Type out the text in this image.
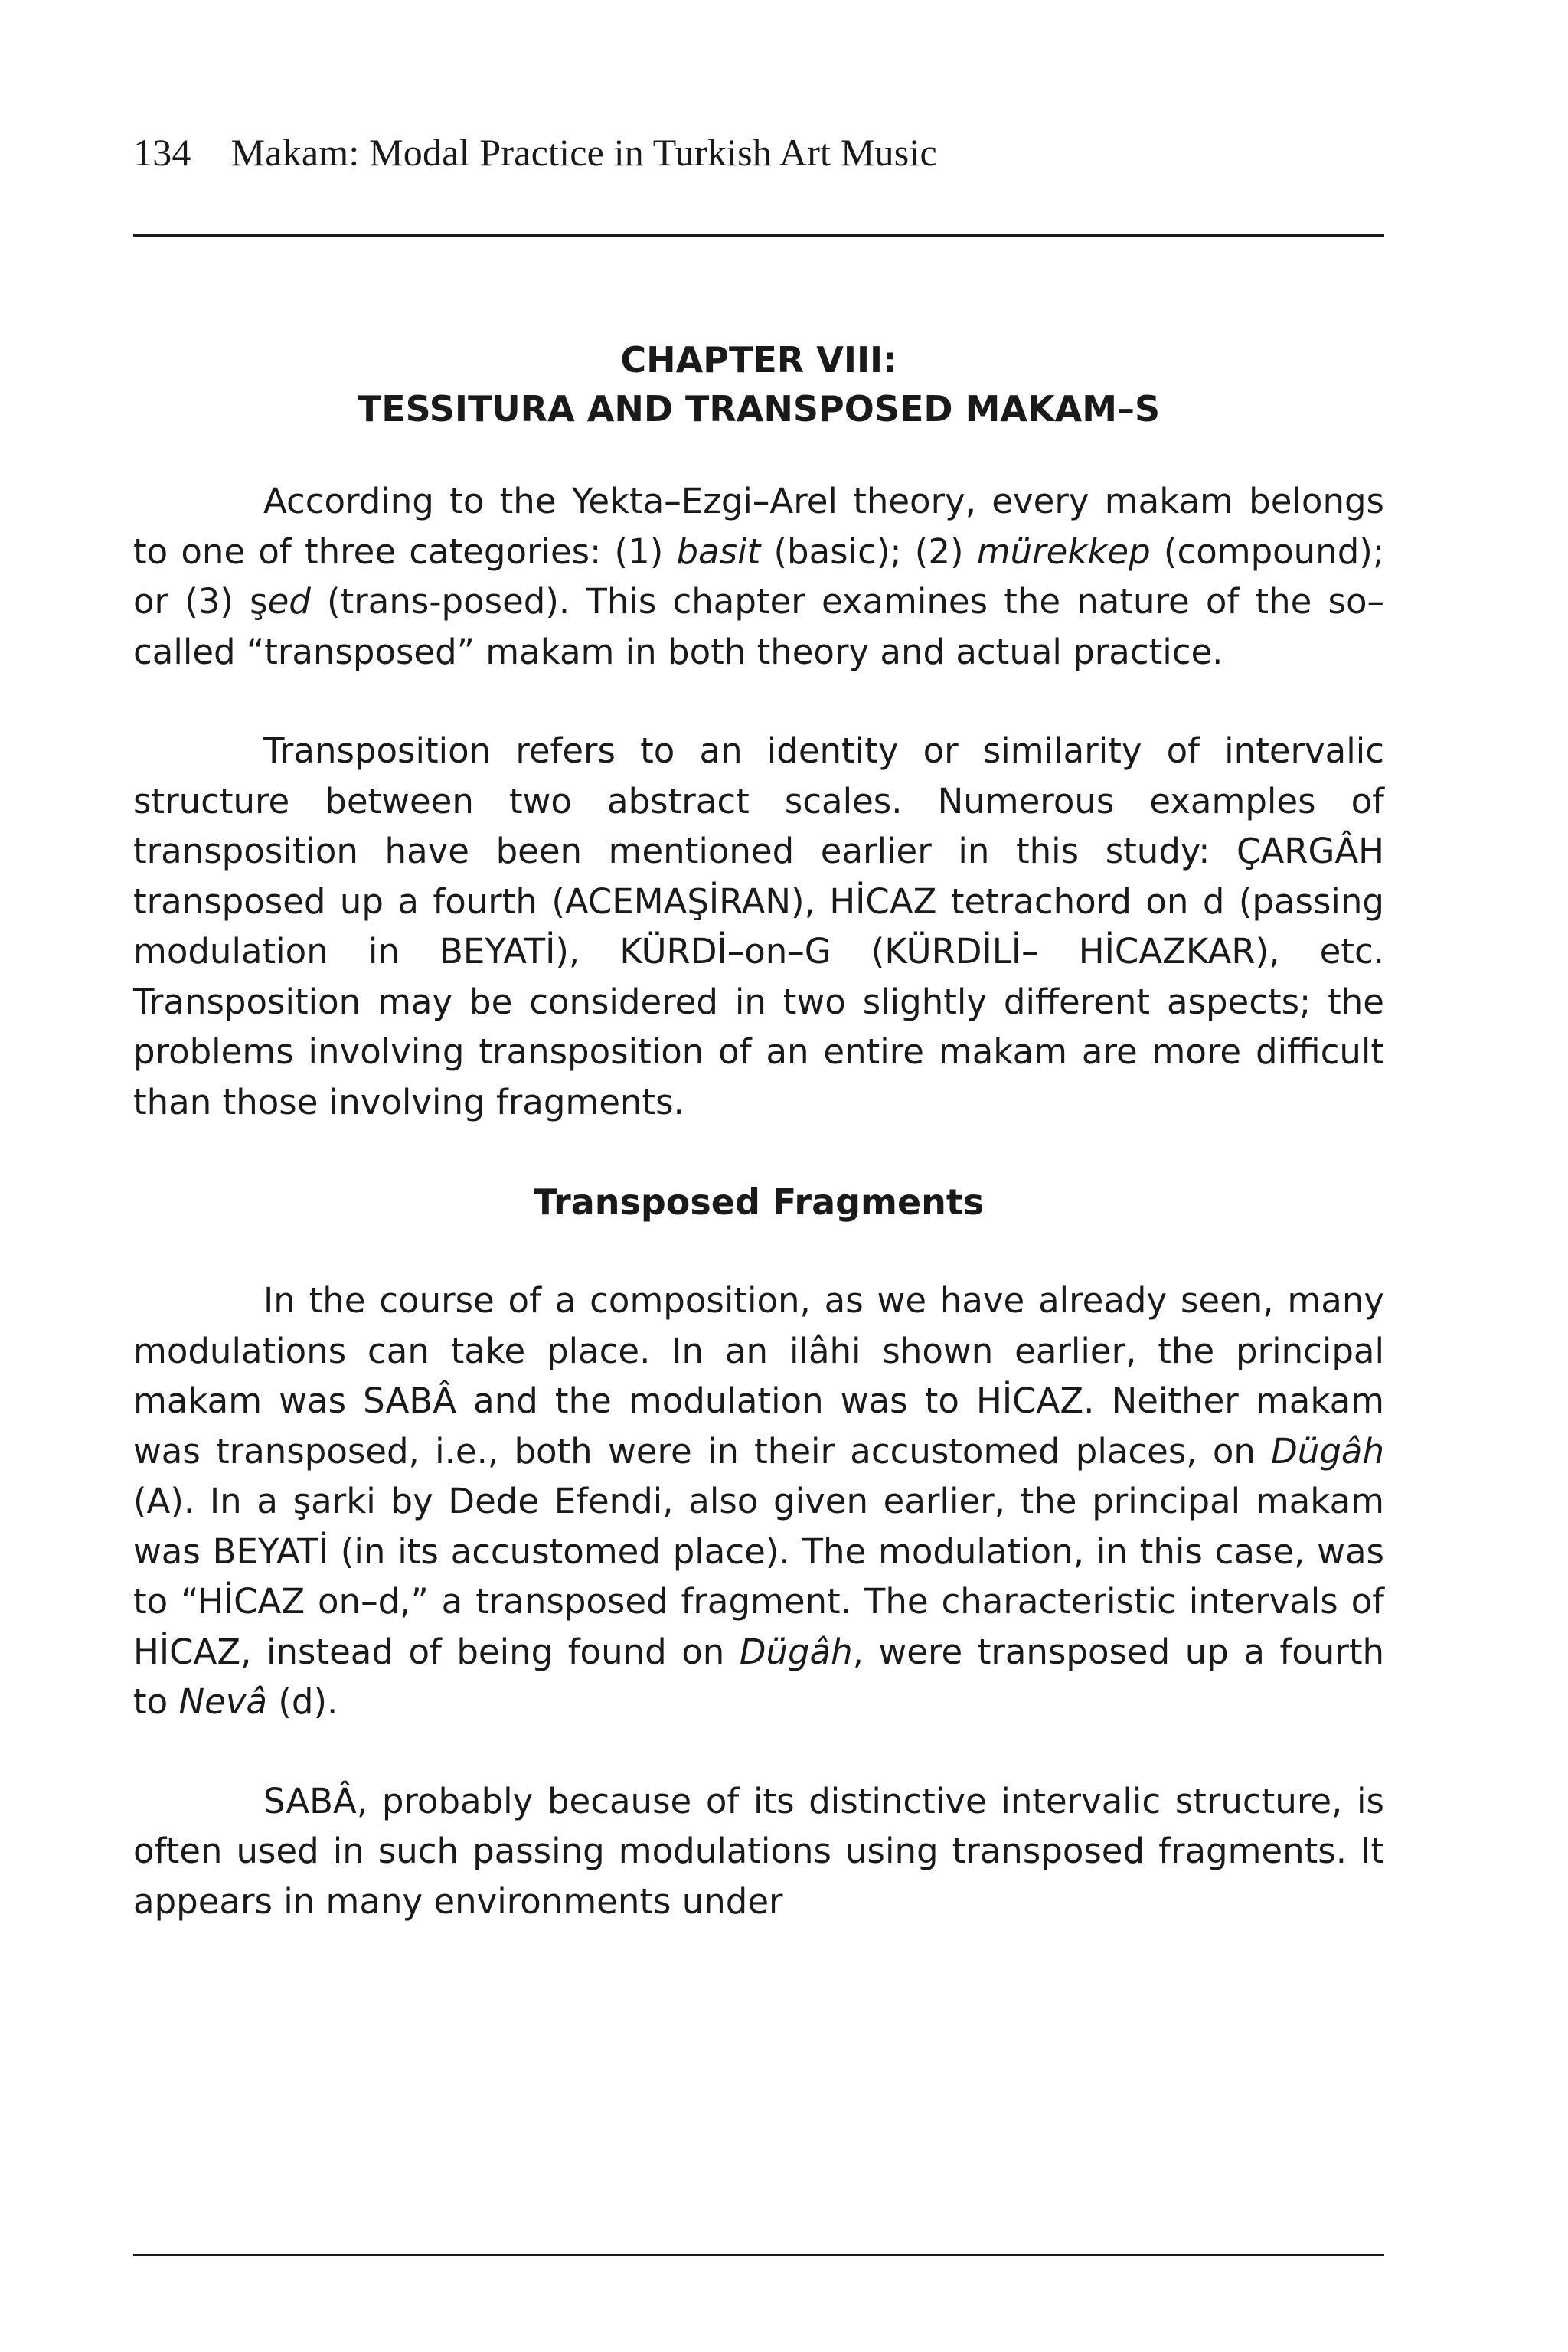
134 Makam: Modal Practice in Turkish Art Music
CHAPTER VIII:
TESSITURA AND TRANSPOSED MAKAM–S

According to the Yekta–Ezgi–Arel theory, every makam belongs to one of three categories: (1) basit (basic); (2) mürekkep (compound); or (3) şed (trans-posed). This chapter examines the nature of the so–called “transposed” makam in both theory and actual practice.

Transposition refers to an identity or similarity of intervalic structure between two abstract scales. Numerous examples of transposition have been mentioned earlier in this study: ÇARGÂH transposed up a fourth (ACEMAŞİRAN), HİCAZ tetrachord on d (passing modulation in BEYATİ), KÜRDİ–on–G (KÜRDİLİ– HİCAZKAR), etc. Transposition may be considered in two slightly different aspects; the problems involving transposition of an entire makam are more difficult than those involving fragments.

Transposed Fragments

In the course of a composition, as we have already seen, many modulations can take place. In an ilâhi shown earlier, the principal makam was SABÂ and the modulation was to HİCAZ. Neither makam was transposed, i.e., both were in their accustomed places, on Dügâh (A). In a şarki by Dede Efendi, also given earlier, the principal makam was BEYATİ (in its accustomed place). The modulation, in this case, was to “HİCAZ on–d,” a transposed fragment. The characteristic intervals of HİCAZ, instead of being found on Dügâh, were transposed up a fourth to Nevâ (d).

SABÂ, probably because of its distinctive intervalic structure, is often used in such passing modulations using transposed fragments. It appears in many environments under
